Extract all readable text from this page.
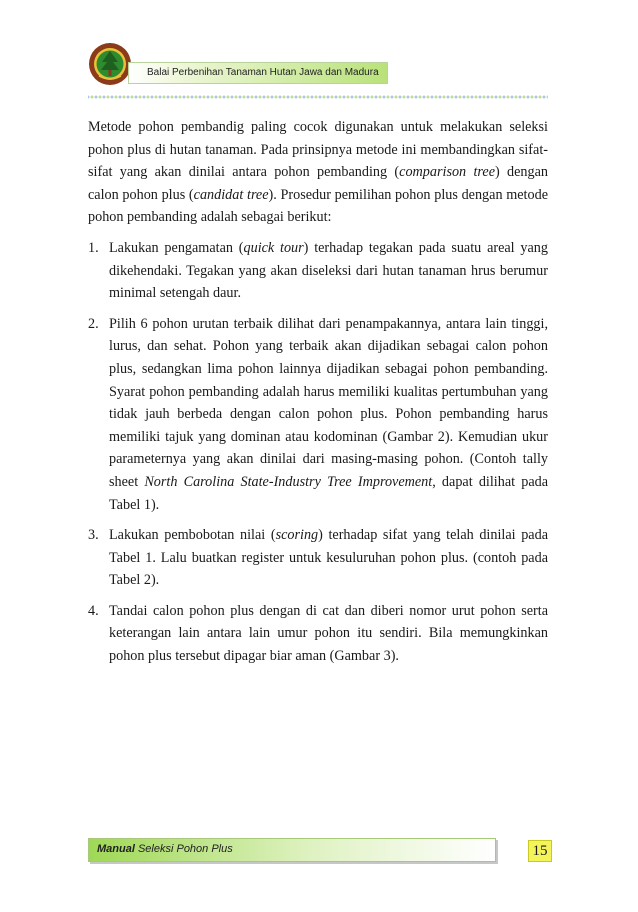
Balai Perbenihan Tanaman Hutan Jawa dan Madura

Metode pohon pembandig paling cocok digunakan untuk melakukan seleksi pohon plus di hutan tanaman. Pada prinsipnya metode ini membandingkan sifat-sifat yang akan dinilai antara pohon pembanding (comparison tree) dengan calon pohon plus (candidat tree). Prosedur pemilihan pohon plus dengan metode pohon pembanding adalah sebagai berikut:

1. Lakukan pengamatan (quick tour) terhadap tegakan pada suatu areal yang dikehendaki. Tegakan yang akan diseleksi dari hutan tanaman hrus berumur minimal setengah daur.
2. Pilih 6 pohon urutan terbaik dilihat dari penampakannya, antara lain tinggi, lurus, dan sehat. Pohon yang terbaik akan dijadikan sebagai calon pohon plus, sedangkan lima pohon lainnya dijadikan sebagai pohon pembanding. Syarat pohon pembanding adalah harus memiliki kualitas pertumbuhan yang tidak jauh berbeda dengan calon pohon plus. Pohon pembanding harus memiliki tajuk yang dominan atau kodominan (Gambar 2). Kemudian ukur parameternya yang akan dinilai dari masing-masing pohon. (Contoh tally sheet North Carolina State-Industry Tree Improvement, dapat dilihat pada Tabel 1).
3. Lakukan pembobotan nilai (scoring) terhadap sifat yang telah dinilai pada Tabel 1. Lalu buatkan register untuk kesuluruhan pohon plus. (contoh pada Tabel 2).
4. Tandai calon pohon plus dengan di cat dan diberi nomor urut pohon serta keterangan lain antara lain umur pohon itu sendiri. Bila memungkinkan pohon plus tersebut dipagar biar aman (Gambar 3).
Manual Seleksi Pohon Plus	15
